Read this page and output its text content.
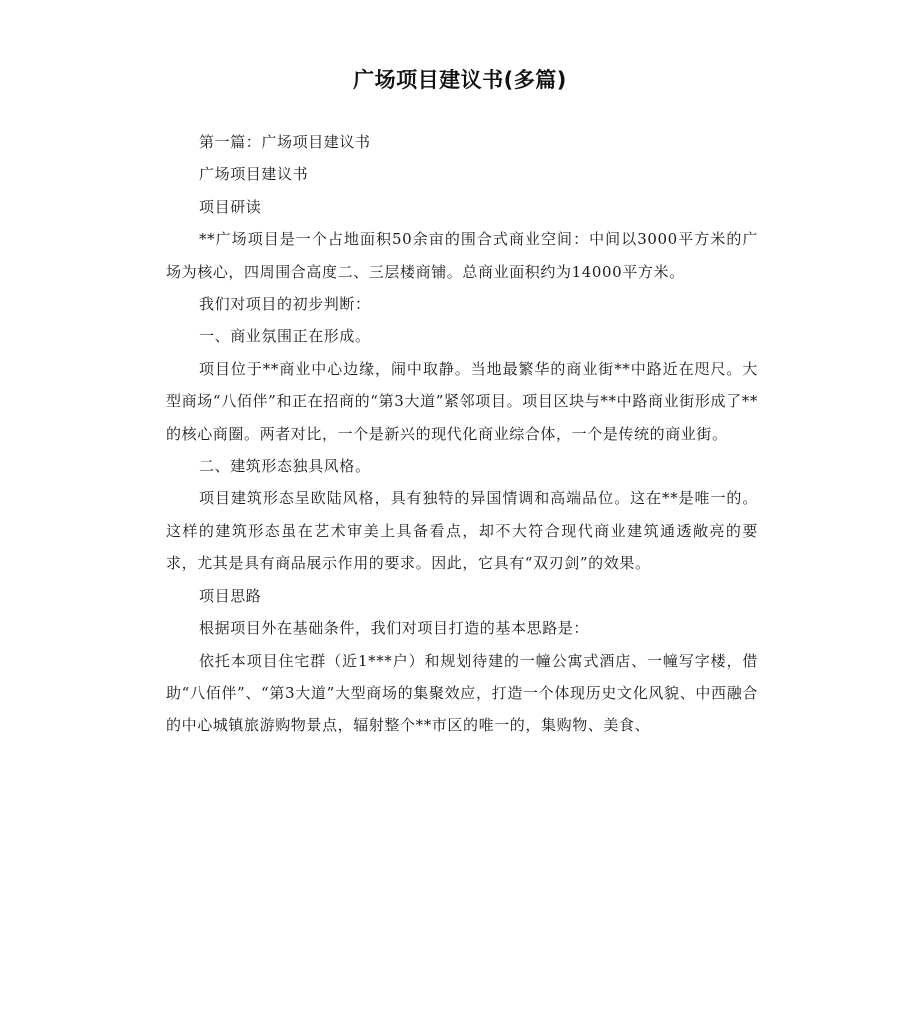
广场项目建议书(多篇)

第一篇：广场项目建议书

广场项目建议书

项目研读

**广场项目是一个占地面积50余亩的围合式商业空间：中间以3000平方米的广场为核心，四周围合高度二、三层楼商铺。总商业面积约为14000平方米。

我们对项目的初步判断：

一、商业氛围正在形成。

项目位于**商业中心边缘，闹中取静。当地最繁华的商业街**中路近在咫尺。大型商场“八佰伴”和正在招商的“第3大道”紧邻项目。项目区块与**中路商业街形成了**的核心商圈。两者对比，一个是新兴的现代化商业综合体，一个是传统的商业街。

二、建筑形态独具风格。

项目建筑形态呈欧陆风格，具有独特的异国情调和高端品位。这在**是唯一的。这样的建筑形态虽在艺术审美上具备看点，却不大符合现代商业建筑通透敞亮的要求，尤其是具有商品展示作用的要求。因此，它具有“双刃剑”的效果。

项目思路

根据项目外在基础条件，我们对项目打造的基本思路是：

依托本项目住宅群（近1***户）和规划待建的一幢公寓式酒店、一幢写字楼，借助“八佰伴”、“第3大道”大型商场的集聚效应，打造一个体现历史文化风貌、中西融合的中心城镇旅游购物景点，辐射整个**市区的唯一的，集购物、美食、
